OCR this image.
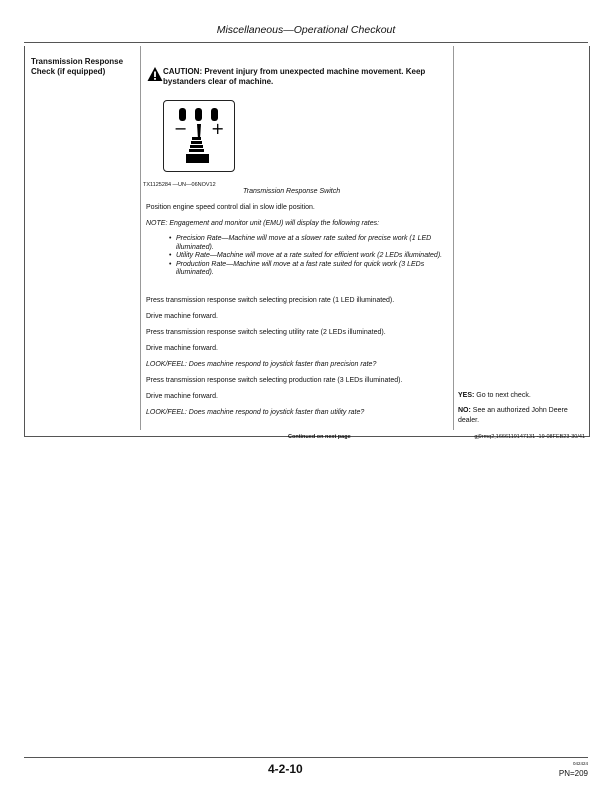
Miscellaneous—Operational Checkout
Transmission Response Check (if equipped)	CAUTION: Prevent injury from unexpected machine movement. Keep bystanders clear of machine.
− +
TX1125284 —UN—06NOV12
Transmission Response Switch

Position engine speed control dial in slow idle position.

NOTE: Engagement and monitor unit (EMU) will display the following rates:

• Precision Rate—Machine will move at a slower rate suited for precise work (1 LED illuminated).
• Utility Rate—Machine will move at a rate suited for efficient work (2 LEDs illuminated).
• Production Rate—Machine will move at a fast rate suited for quick work (3 LEDs illuminated).

Press transmission response switch selecting precision rate (1 LED illuminated).

Drive machine forward.

Press transmission response switch selecting utility rate (2 LEDs illuminated).

Drive machine forward.

LOOK/FEEL: Does machine respond to joystick faster than precision rate?

Press transmission response switch selecting production rate (3 LEDs illuminated).

Drive machine forward.

LOOK/FEEL: Does machine respond to joystick faster than utility rate?

YES: Go to next check.
NO: See an authorized John Deere dealer.
Continued on next page	gj9rmq2,1666119147131 -19-08FEB23-30/41
4-2-10	042424
PN=209
